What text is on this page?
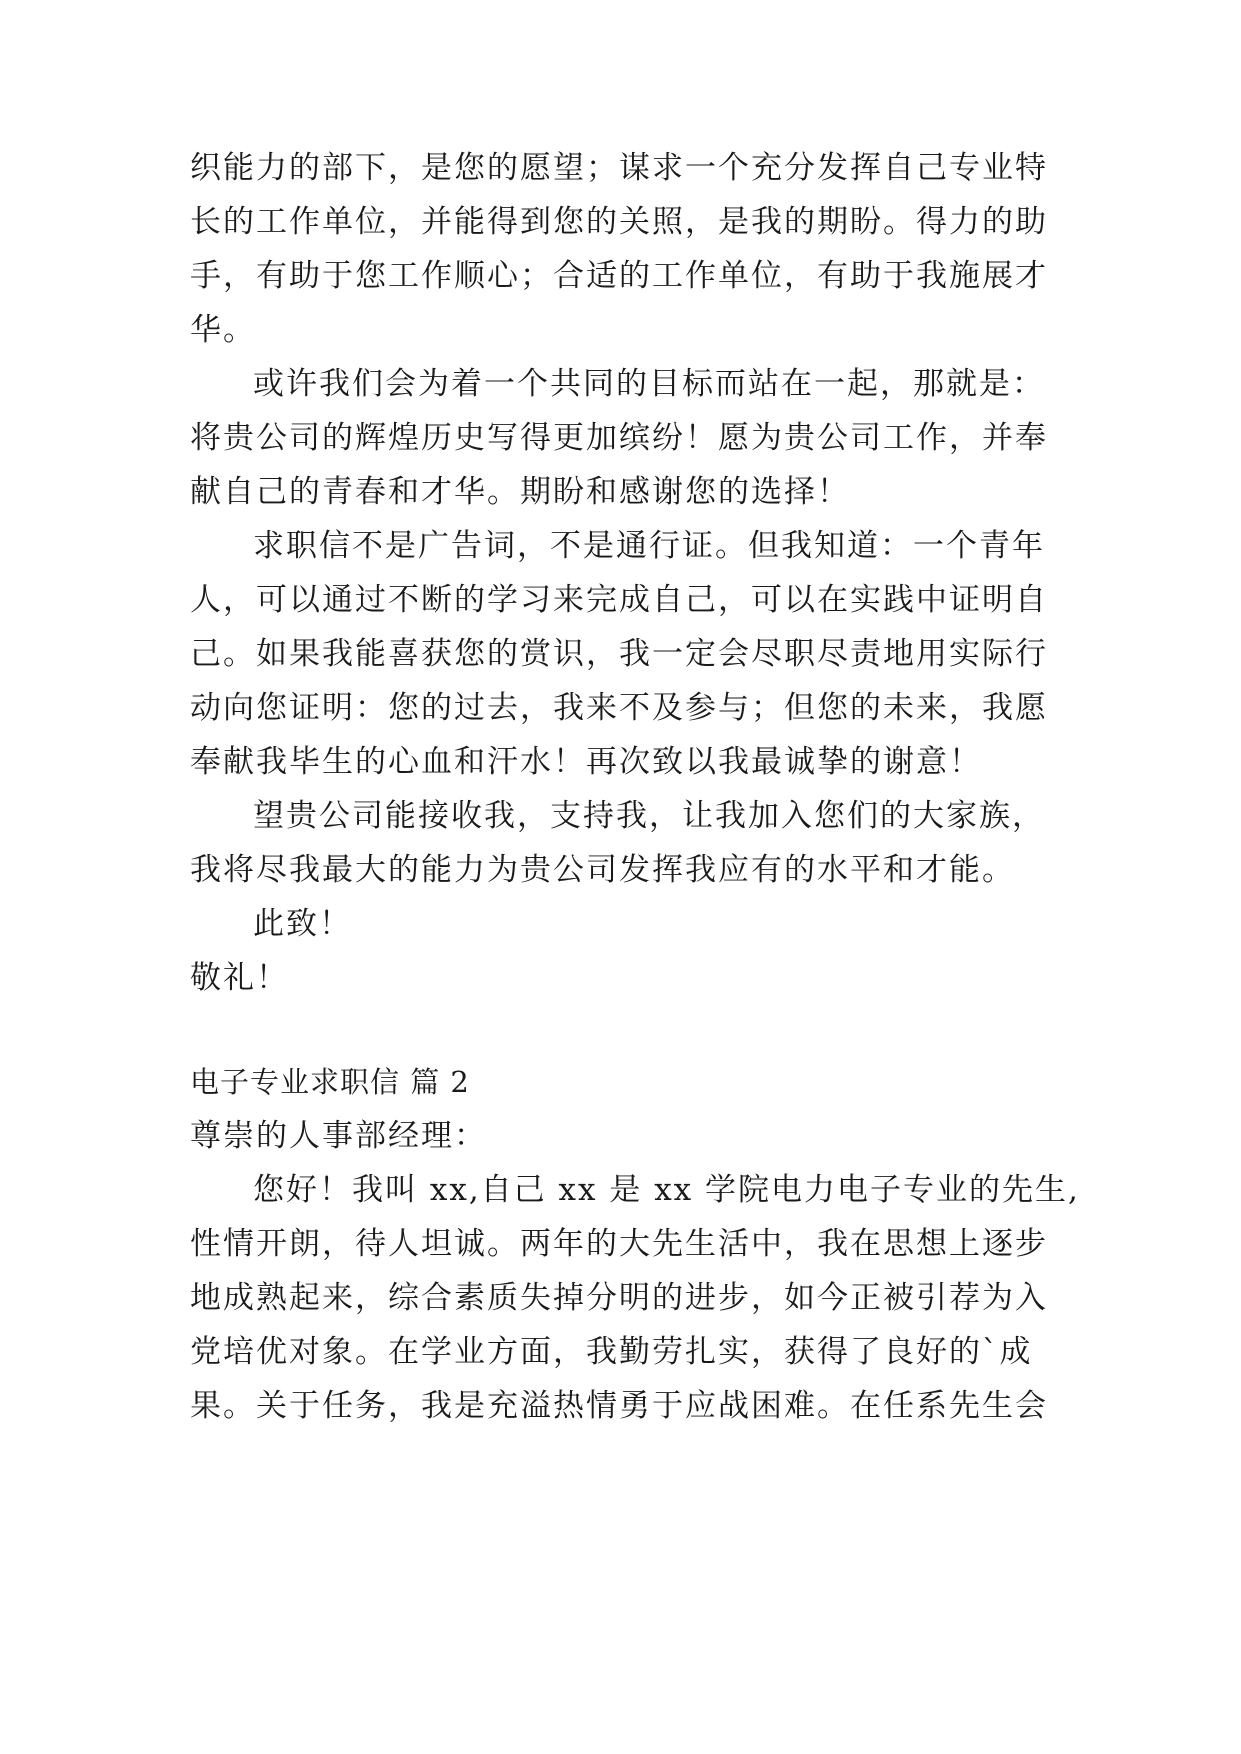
织能力的部下，是您的愿望；谋求一个充分发挥自己专业特
长的工作单位，并能得到您的关照，是我的期盼。得力的助
手，有助于您工作顺心；合适的工作单位，有助于我施展才
华。
或许我们会为着一个共同的目标而站在一起，那就是：
将贵公司的辉煌历史写得更加缤纷！愿为贵公司工作，并奉
献自己的青春和才华。期盼和感谢您的选择！
求职信不是广告词，不是通行证。但我知道：一个青年
人，可以通过不断的学习来完成自己，可以在实践中证明自
己。如果我能喜获您的赏识，我一定会尽职尽责地用实际行
动向您证明：您的过去，我来不及参与；但您的未来，我愿
奉献我毕生的心血和汗水！再次致以我最诚挚的谢意！
望贵公司能接收我，支持我，让我加入您们的大家族，
我将尽我最大的能力为贵公司发挥我应有的水平和才能。
此致！
敬礼！
电子专业求职信 篇 2
尊崇的人事部经理：
您好！我叫 xx,自己 xx 是 xx 学院电力电子专业的先生,
性情开朗，待人坦诚。两年的大先生活中，我在思想上逐步
地成熟起来，综合素质失掉分明的进步，如今正被引荐为入
党培优对象。在学业方面，我勤劳扎实，获得了良好的`成
果。关于任务，我是充溢热情勇于应战困难。在任系先生会
